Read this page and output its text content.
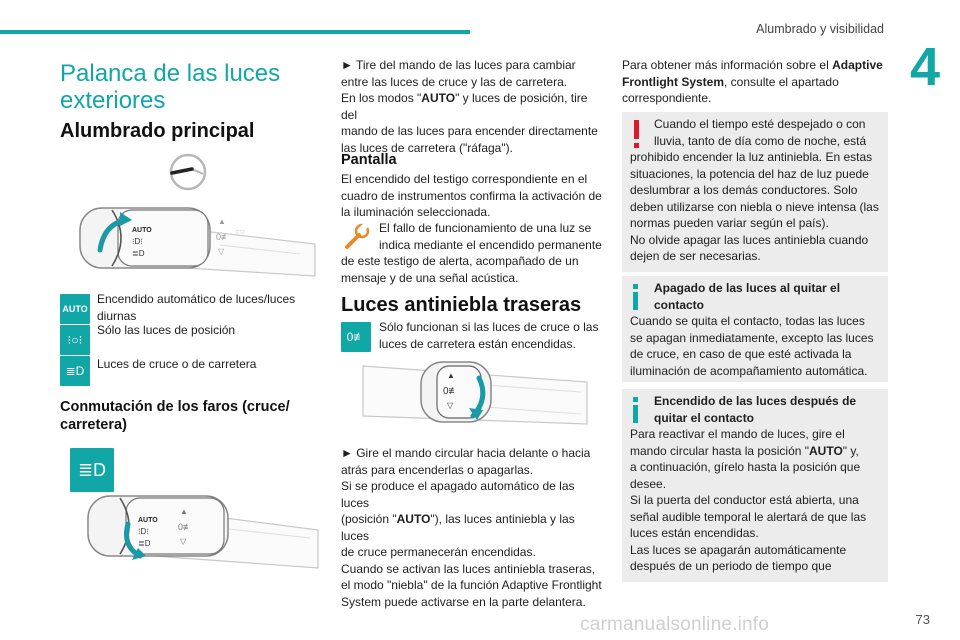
Alumbrado y visibilidad
4
Palanca de las luces
exteriores
Alumbrado principal
○○
AUTO
⁝D⁝
≣D
▲
0≢
▽
AUTO
Encendido automático de luces/luces
diurnas
⁝○⁝
Sólo las luces de posición
≣D Luces de cruce o de carretera
Conmutación de los faros (cruce/
carretera)
≣D
AUTO
⁝D⁝
≣D
▲
0≢
▽
► Tire del mando de las luces para cambiar
entre las luces de cruce y las de carretera.
En los modos "AUTO" y luces de posición, tire del
mando de las luces para encender directamente
las luces de carretera ("ráfaga").
Pantalla
El encendido del testigo correspondiente en el
cuadro de instrumentos confirma la activación de
la iluminación seleccionada.
El fallo de funcionamiento de una luz se
indica mediante el encendido permanente
de este testigo de alerta, acompañado de un
mensaje y de una señal acústica.
Luces antiniebla traseras
0≢
Sólo funcionan si las luces de cruce o las
luces de carretera están encendidas.
▲
0≢
▽
► Gire el mando circular hacia delante o hacia
atrás para encenderlas o apagarlas.
Si se produce el apagado automático de las luces
(posición "AUTO"), las luces antiniebla y las luces
de cruce permanecerán encendidas.
Cuando se activan las luces antiniebla traseras,
el modo "niebla" de la función Adaptive Frontlight
System puede activarse en la parte delantera.
Para obtener más información sobre el Adaptive
Frontlight System, consulte el apartado
correspondiente.
Cuando el tiempo esté despejado o con
lluvia, tanto de día como de noche, está
prohibido encender la luz antiniebla. En estas
situaciones, la potencia del haz de luz puede
deslumbrar a los demás conductores. Solo
deben utilizarse con niebla o nieve intensa (las
normas pueden variar según el país).
No olvide apagar las luces antiniebla cuando
dejen de ser necesarias.
Apagado de las luces al quitar el
contacto
Cuando se quita el contacto, todas las luces
se apagan inmediatamente, excepto las luces
de cruce, en caso de que esté activada la
iluminación de acompañamiento automática.
Encendido de las luces después de
quitar el contacto
Para reactivar el mando de luces, gire el
mando circular hasta la posición "AUTO" y,
a continuación, gírelo hasta la posición que
desee.
Si la puerta del conductor está abierta, una
señal audible temporal le alertará de que las
luces están encendidas.
Las luces se apagarán automáticamente
después de un periodo de tiempo que
carmanualsonline.info	73
